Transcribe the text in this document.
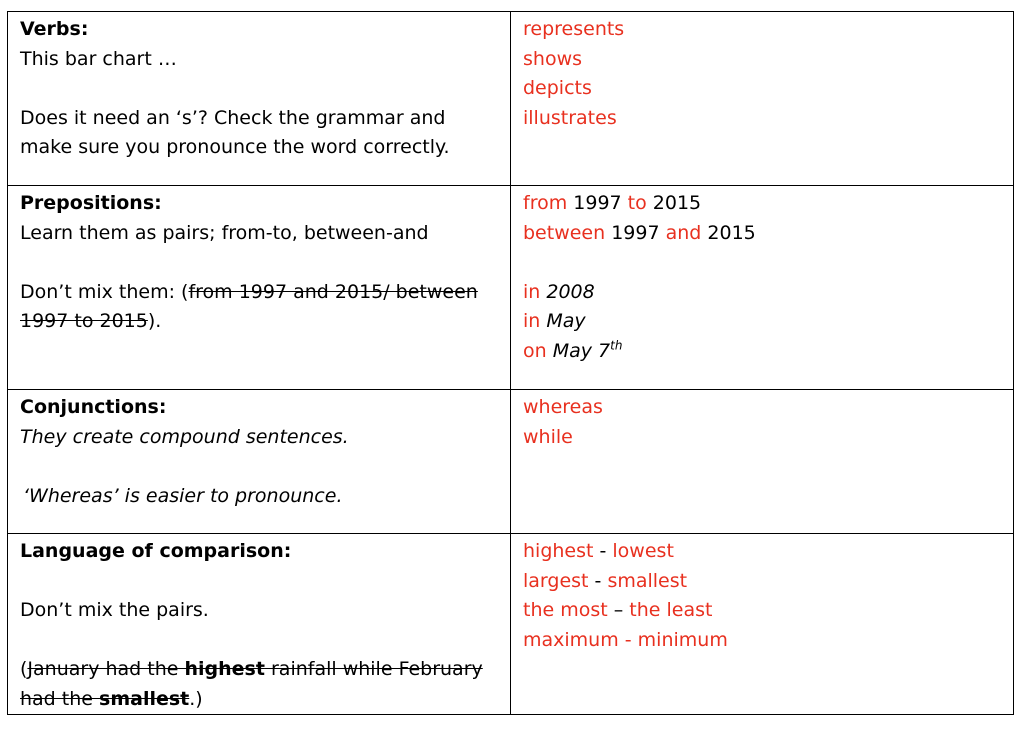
Verbs:
This bar chart …
Does it need an ‘s’? Check the grammar and
make sure you pronounce the word correctly.	represents
shows
depicts
illustrates

Prepositions:
Learn them as pairs; from-to, between-and
Don’t mix them: (from 1997 and 2015/ between
1997 to 2015).	from 1997 to 2015
between 1997 and 2015
in 2008
in May
on May 7th

Conjunctions:
They create compound sentences.
‘Whereas’ is easier to pronounce.	whereas
while

Language of comparison:
Don’t mix the pairs.
(January had the highest rainfall while February
had the smallest.)	highest - lowest
largest - smallest
the most – the least
maximum - minimum
